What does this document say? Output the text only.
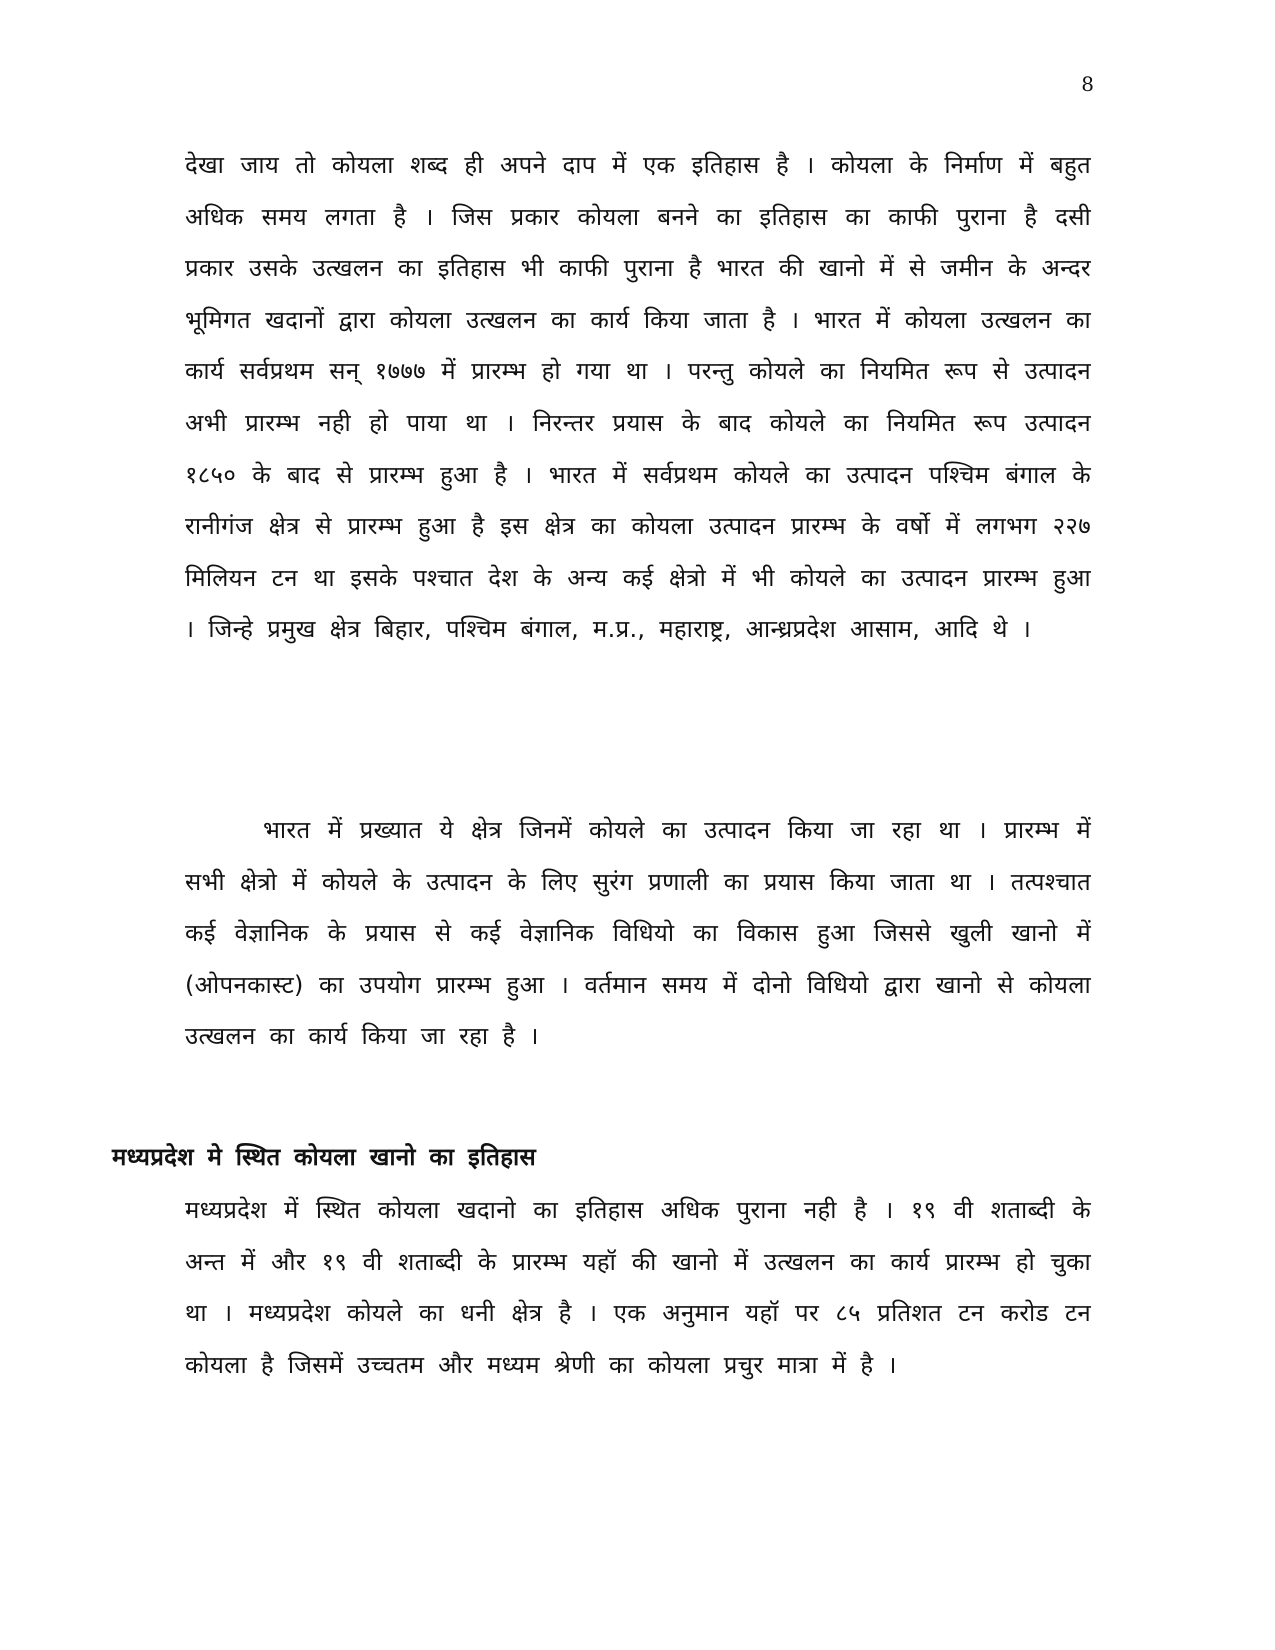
8

देखा जाय तो कोयला शब्द ही अपने दाप में एक इतिहास है । कोयला के निर्माण में बहुत अधिक समय लगता है । जिस प्रकार कोयला बनने का इतिहास का काफी पुराना है दसी प्रकार उसके उत्खलन का इतिहास भी काफी पुराना है भारत की खानो में से जमीन के अन्दर भूमिगत खदानों द्वारा कोयला उत्खलन का कार्य किया जाता है । भारत में कोयला उत्खलन का कार्य सर्वप्रथम सन् १७७७ में प्रारम्भ हो गया था । परन्तु कोयले का नियमित रूप से उत्पादन अभी प्रारम्भ नही हो पाया था । निरन्तर प्रयास के बाद कोयले का नियमित रूप उत्पादन १८५० के बाद से प्रारम्भ हुआ है । भारत में सर्वप्रथम कोयले का उत्पादन पश्चिम बंगाल के रानीगंज क्षेत्र से प्रारम्भ हुआ है इस क्षेत्र का कोयला उत्पादन प्रारम्भ के वर्षो में लगभग २२७ मिलियन टन था इसके पश्चात देश के अन्य कई क्षेत्रो में भी कोयले का उत्पादन प्रारम्भ हुआ । जिन्हे प्रमुख क्षेत्र बिहार, पश्चिम बंगाल, म.प्र., महाराष्ट्र, आन्ध्रप्रदेश आसाम, आदि थे ।

भारत में प्रख्यात ये क्षेत्र जिनमें कोयले का उत्पादन किया जा रहा था । प्रारम्भ में सभी क्षेत्रो में कोयले के उत्पादन के लिए सुरंग प्रणाली का प्रयास किया जाता था । तत्पश्चात कई वेज्ञानिक के प्रयास से कई वेज्ञानिक विधियो का विकास हुआ जिससे खुली खानो में (ओपनकास्ट) का उपयोग प्रारम्भ हुआ । वर्तमान समय में दोनो विधियो द्वारा खानो से कोयला उत्खलन का कार्य किया जा रहा है ।

मध्यप्रदेश मे स्थित कोयला खानो का इतिहास

मध्यप्रदेश में स्थित कोयला खदानो का इतिहास अधिक पुराना नही है । १९ वी शताब्दी के अन्त में और १९ वी शताब्दी के प्रारम्भ यहॉ की खानो में उत्खलन का कार्य प्रारम्भ हो चुका था । मध्यप्रदेश कोयले का धनी क्षेत्र है । एक अनुमान यहॉ पर ८५ प्रतिशत टन करोड टन कोयला है जिसमें उच्चतम और मध्यम श्रेणी का कोयला प्रचुर मात्रा में है ।
